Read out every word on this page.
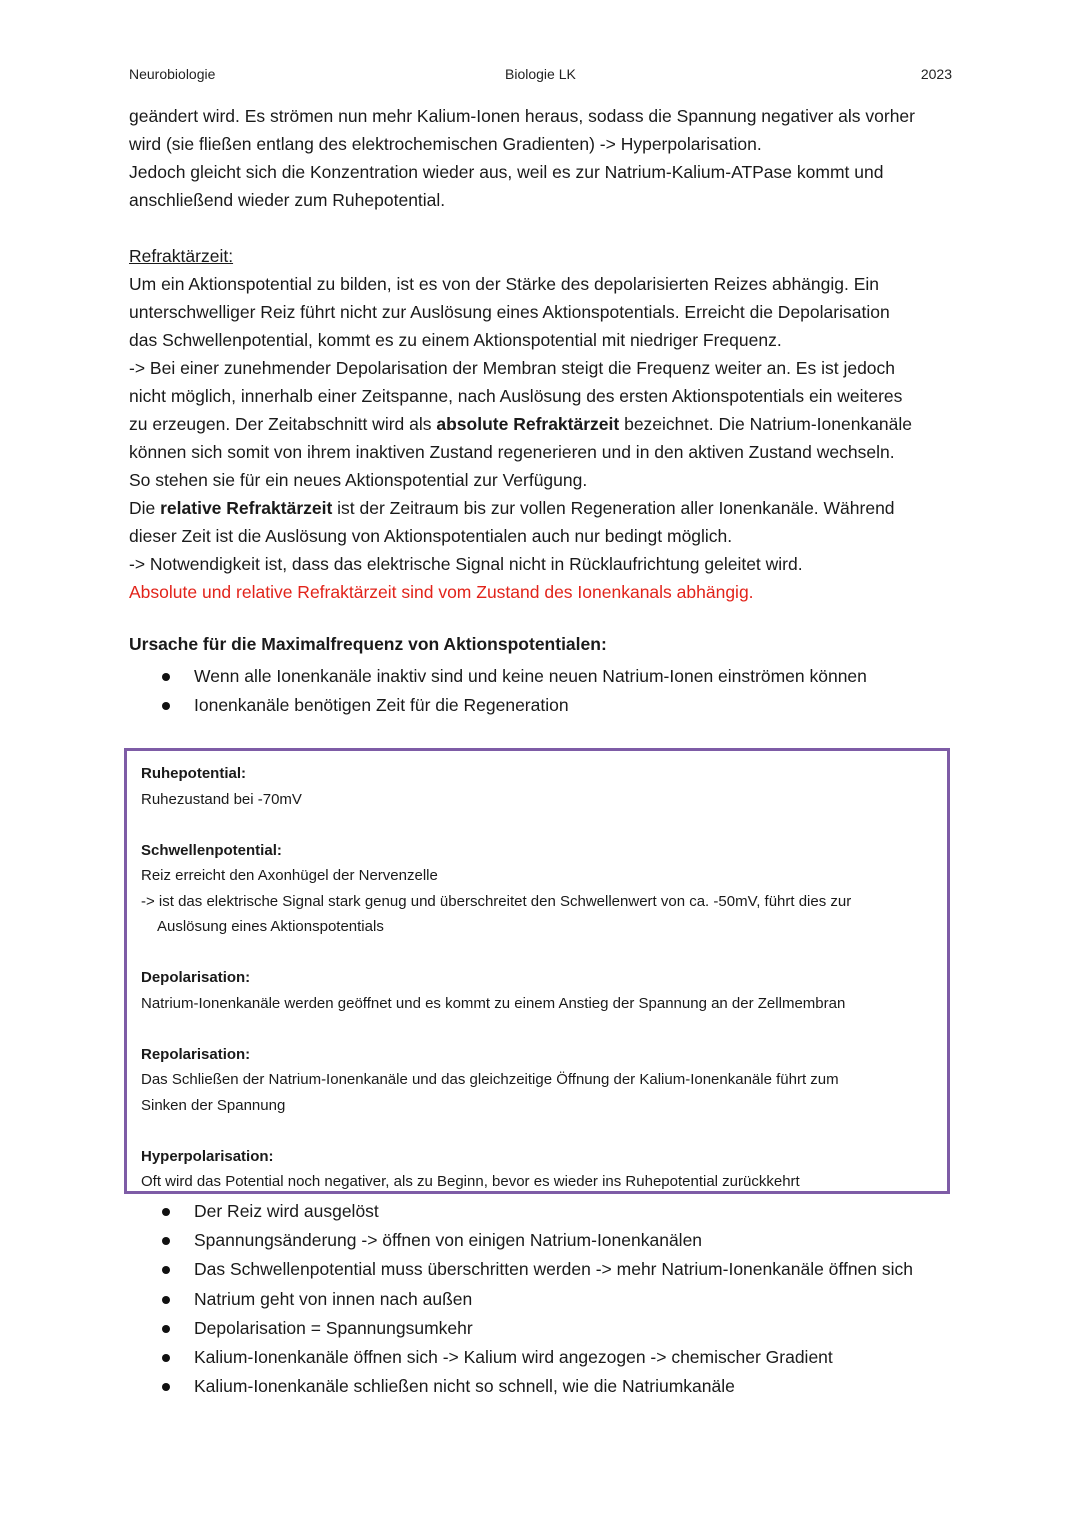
Neurobiologie	Biologie LK	2023

geändert wird. Es strömen nun mehr Kalium-Ionen heraus, sodass die Spannung negativer als vorher

wird (sie fließen entlang des elektrochemischen Gradienten) -> Hyperpolarisation.

Jedoch gleicht sich die Konzentration wieder aus, weil es zur Natrium-Kalium-ATPase kommt und

anschließend wieder zum Ruhepotential.

Refraktärzeit:

Um ein Aktionspotential zu bilden, ist es von der Stärke des depolarisierten Reizes abhängig. Ein

unterschwelliger Reiz führt nicht zur Auslösung eines Aktionspotentials. Erreicht die Depolarisation

das Schwellenpotential, kommt es zu einem Aktionspotential mit niedriger Frequenz.

-> Bei einer zunehmender Depolarisation der Membran steigt die Frequenz weiter an. Es ist jedoch

nicht möglich, innerhalb einer Zeitspanne, nach Auslösung des ersten Aktionspotentials ein weiteres

zu erzeugen. Der Zeitabschnitt wird als absolute Refraktärzeit bezeichnet. Die Natrium-Ionenkanäle

können sich somit von ihrem inaktiven Zustand regenerieren und in den aktiven Zustand wechseln.

So stehen sie für ein neues Aktionspotential zur Verfügung.

Die relative Refraktärzeit ist der Zeitraum bis zur vollen Regeneration aller Ionenkanäle. Während

dieser Zeit ist die Auslösung von Aktionspotentialen auch nur bedingt möglich.

-> Notwendigkeit ist, dass das elektrische Signal nicht in Rücklaufrichtung geleitet wird.

Absolute und relative Refraktärzeit sind vom Zustand des Ionenkanals abhängig.

Ursache für die Maximalfrequenz von Aktionspotentialen:
Wenn alle Ionenkanäle inaktiv sind und keine neuen Natrium-Ionen einströmen können
Ionenkanäle benötigen Zeit für die Regeneration

Ruhepotential:

Ruhezustand bei -70mV

Schwellenpotential:

Reiz erreicht den Axonhügel der Nervenzelle

-> ist das elektrische Signal stark genug und überschreitet den Schwellenwert von ca. -50mV, führt dies zur

Auslösung eines Aktionspotentials

Depolarisation:

Natrium-Ionenkanäle werden geöffnet und es kommt zu einem Anstieg der Spannung an der Zellmembran

Repolarisation:

Das Schließen der Natrium-Ionenkanäle und das gleichzeitige Öffnung der Kalium-Ionenkanäle führt zum

Sinken der Spannung

Hyperpolarisation:

Oft wird das Potential noch negativer, als zu Beginn, bevor es wieder ins Ruhepotential zurückkehrt

Der Reiz wird ausgelöst
Spannungsänderung -> öffnen von einigen Natrium-Ionenkanälen
Das Schwellenpotential muss überschritten werden -> mehr Natrium-Ionenkanäle öffnen sich
Natrium geht von innen nach außen
Depolarisation = Spannungsumkehr
Kalium-Ionenkanäle öffnen sich -> Kalium wird angezogen -> chemischer Gradient
Kalium-Ionenkanäle schließen nicht so schnell, wie die Natriumkanäle
